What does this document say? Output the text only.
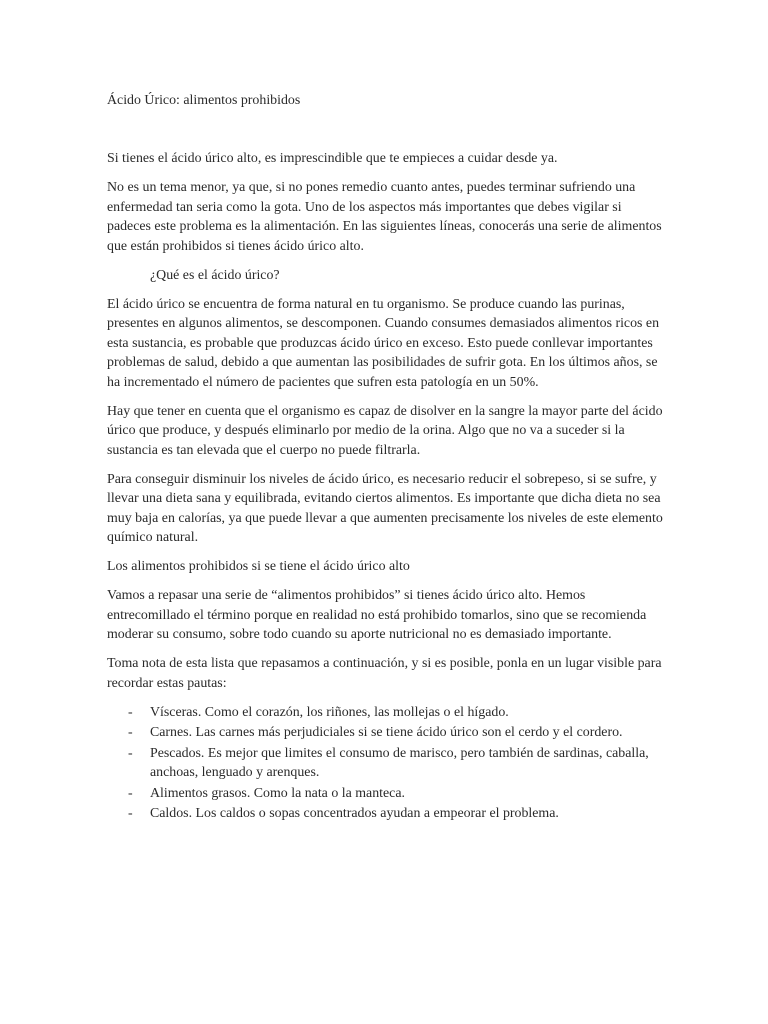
Ácido Úrico: alimentos prohibidos

Si tienes el ácido úrico alto, es imprescindible que te empieces a cuidar desde ya.

No es un tema menor, ya que, si no pones remedio cuanto antes, puedes terminar sufriendo una enfermedad tan seria como la gota. Uno de los aspectos más importantes que debes vigilar si padeces este problema es la alimentación. En las siguientes líneas, conocerás una serie de alimentos que están prohibidos si tienes ácido úrico alto.

¿Qué es el ácido úrico?

El ácido úrico se encuentra de forma natural en tu organismo. Se produce cuando las purinas, presentes en algunos alimentos, se descomponen. Cuando consumes demasiados alimentos ricos en esta sustancia, es probable que produzcas ácido úrico en exceso. Esto puede conllevar importantes problemas de salud, debido a que aumentan las posibilidades de sufrir gota. En los últimos años, se ha incrementado el número de pacientes que sufren esta patología en un 50%.

Hay que tener en cuenta que el organismo es capaz de disolver en la sangre la mayor parte del ácido úrico que produce, y después eliminarlo por medio de la orina. Algo que no va a suceder si la sustancia es tan elevada que el cuerpo no puede filtrarla.

Para conseguir disminuir los niveles de ácido úrico, es necesario reducir el sobrepeso, si se sufre, y llevar una dieta sana y equilibrada, evitando ciertos alimentos. Es importante que dicha dieta no sea muy baja en calorías, ya que puede llevar a que aumenten precisamente los niveles de este elemento químico natural.

Los alimentos prohibidos si se tiene el ácido úrico alto

Vamos a repasar una serie de “alimentos prohibidos” si tienes ácido úrico alto. Hemos entrecomillado el término porque en realidad no está prohibido tomarlos, sino que se recomienda moderar su consumo, sobre todo cuando su aporte nutricional no es demasiado importante.

Toma nota de esta lista que repasamos a continuación, y si es posible, ponla en un lugar visible para recordar estas pautas:

- Vísceras. Como el corazón, los riñones, las mollejas o el hígado.
- Carnes. Las carnes más perjudiciales si se tiene ácido úrico son el cerdo y el cordero.
- Pescados. Es mejor que limites el consumo de marisco, pero también de sardinas, caballa, anchoas, lenguado y arenques.
- Alimentos grasos. Como la nata o la manteca.
- Caldos. Los caldos o sopas concentrados ayudan a empeorar el problema.
